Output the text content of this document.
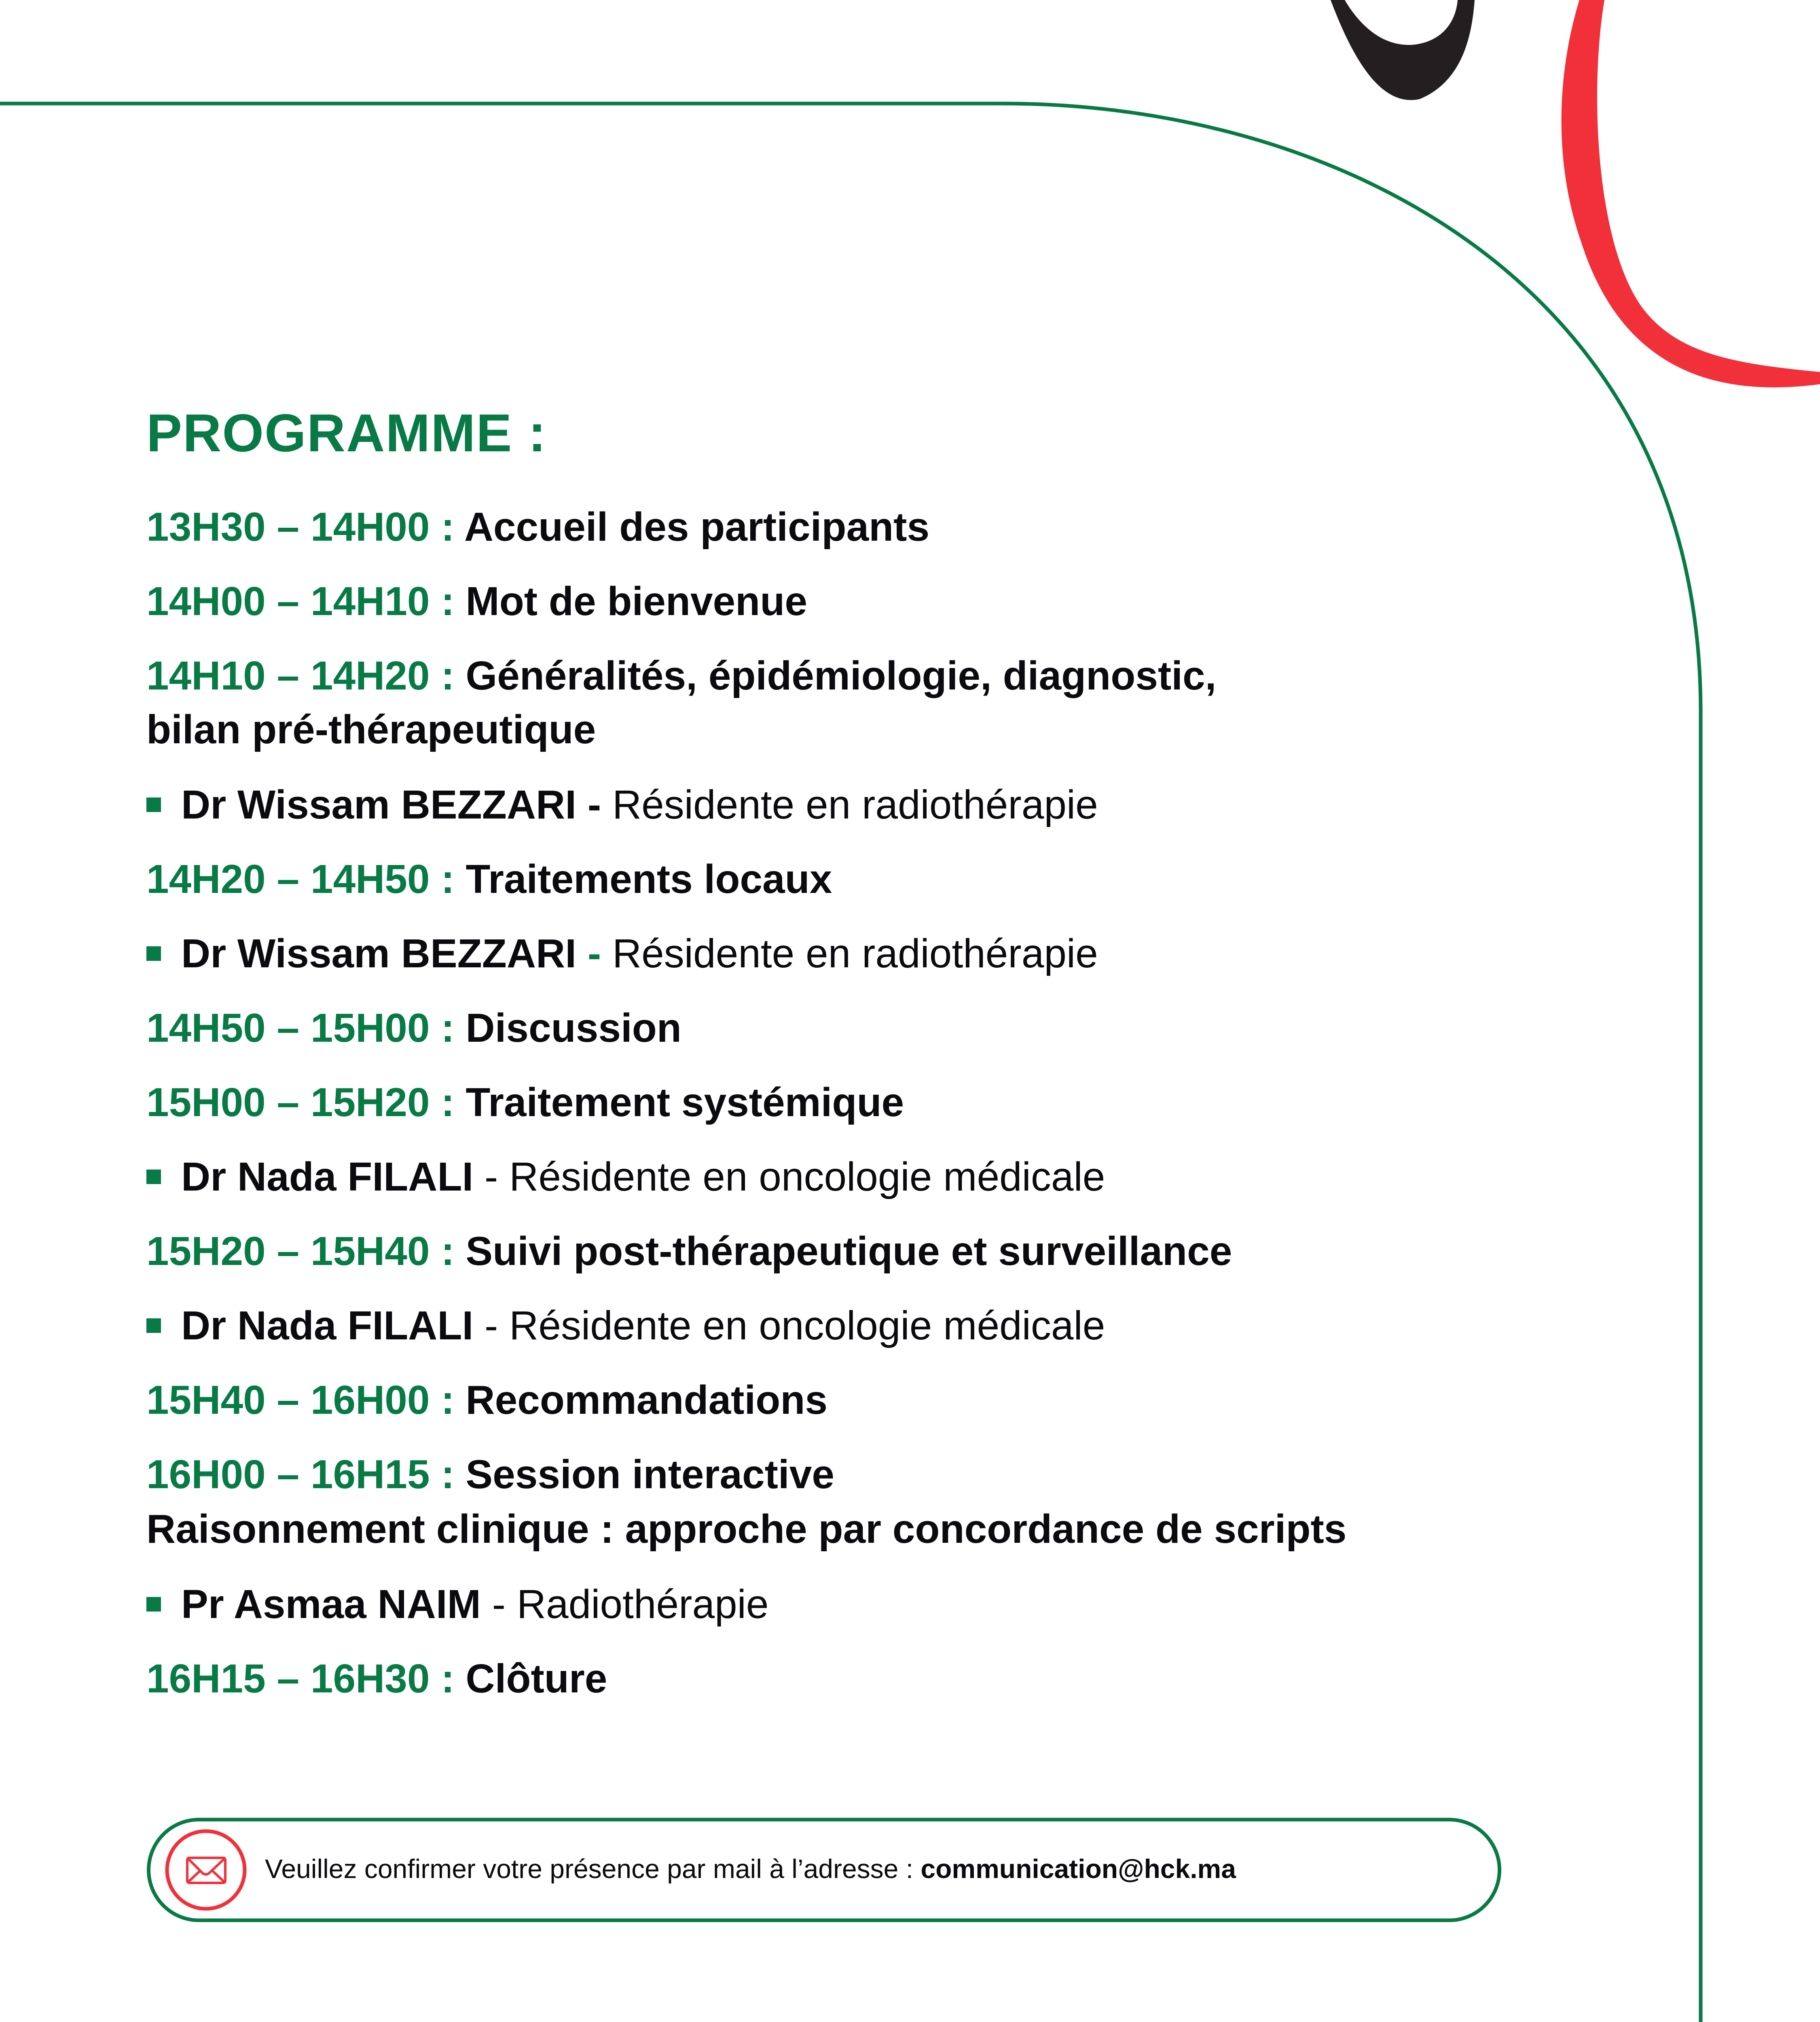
PROGRAMME :
13H30 – 14H00 : Accueil des participants
14H00 – 14H10 : Mot de bienvenue
14H10 – 14H20 : Généralités, épidémiologie, diagnostic,
bilan pré-thérapeutique
Dr Wissam BEZZARI - Résidente en radiothérapie
14H20 – 14H50 : Traitements locaux
Dr Wissam BEZZARI - Résidente en radiothérapie
14H50 – 15H00 : Discussion
15H00 – 15H20 : Traitement systémique
Dr Nada FILALI - Résidente en oncologie médicale
15H20 – 15H40 : Suivi post-thérapeutique et surveillance
Dr Nada FILALI - Résidente en oncologie médicale
15H40 – 16H00 : Recommandations
16H00 – 16H15 : Session interactive
Raisonnement clinique : approche par concordance de scripts
Pr Asmaa NAIM - Radiothérapie
16H15 – 16H30 : Clôture
Veuillez confirmer votre présence par mail à l’adresse : communication@hck.ma
